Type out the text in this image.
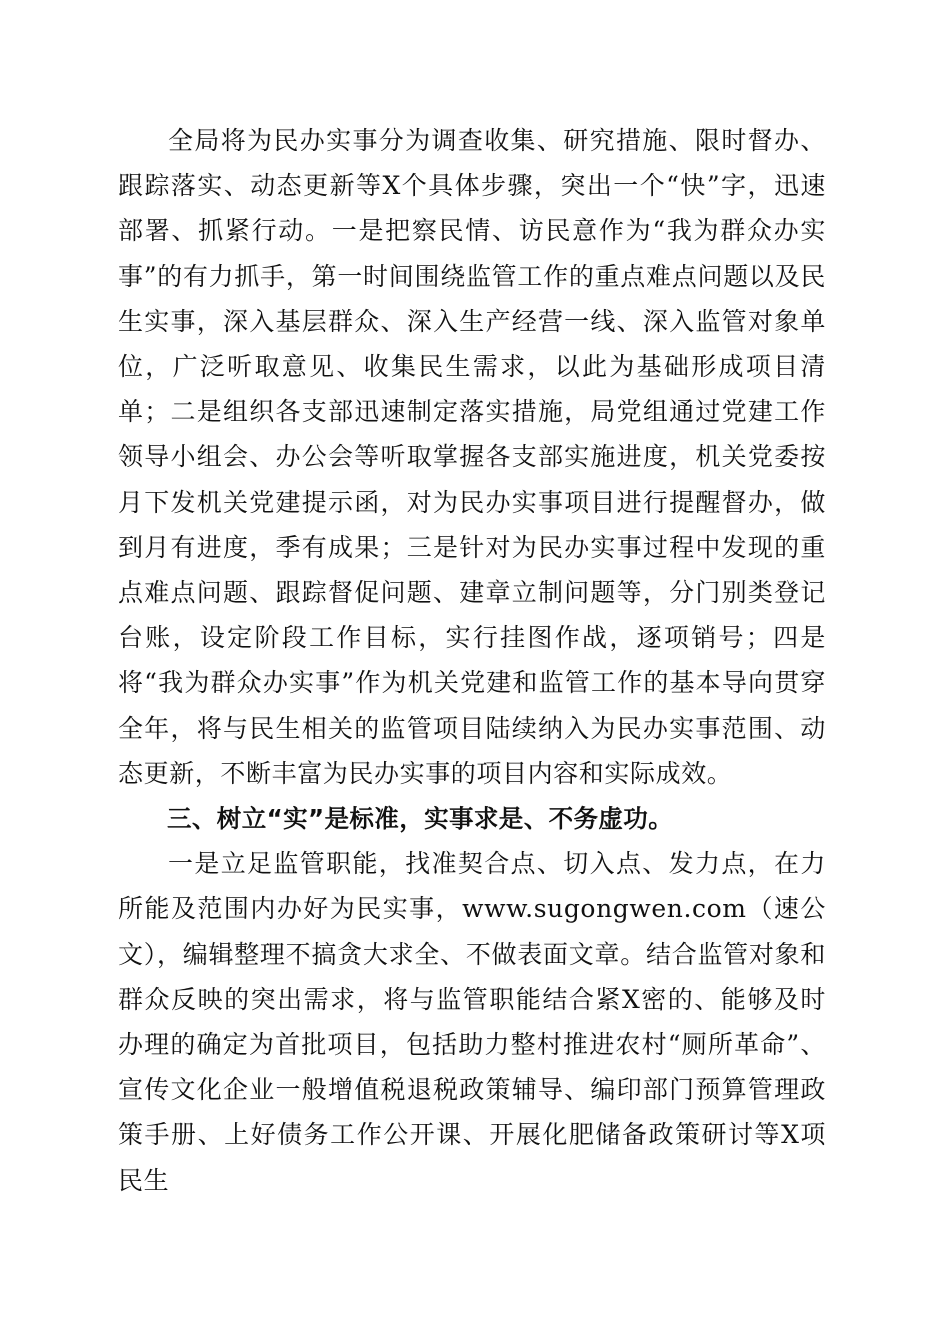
全局将为民办实事分为调查收集、研究措施、限时督办、跟踪落实、动态更新等X个具体步骤，突出一个“快”字，迅速部署、抓紧行动。一是把察民情、访民意作为“我为群众办实事”的有力抓手，第一时间围绕监管工作的重点难点问题以及民生实事，深入基层群众、深入生产经营一线、深入监管对象单位，广泛听取意见、收集民生需求，以此为基础形成项目清单；二是组织各支部迅速制定落实措施，局党组通过党建工作领导小组会、办公会等听取掌握各支部实施进度，机关党委按月下发机关党建提示函，对为民办实事项目进行提醒督办，做到月有进度，季有成果；三是针对为民办实事过程中发现的重点难点问题、跟踪督促问题、建章立制问题等，分门别类登记台账，设定阶段工作目标，实行挂图作战，逐项销号；四是将“我为群众办实事”作为机关党建和监管工作的基本导向贯穿全年，将与民生相关的监管项目陆续纳入为民办实事范围、动态更新，不断丰富为民办实事的项目内容和实际成效。

三、树立“实”是标准，实事求是、不务虚功。

一是立足监管职能，找准契合点、切入点、发力点，在力所能及范围内办好为民实事，www.sugongwen.com（速公文），编辑整理不搞贪大求全、不做表面文章。结合监管对象和群众反映的突出需求，将与监管职能结合紧X密的、能够及时办理的确定为首批项目，包括助力整村推进农村“厕所革命”、宣传文化企业一般增值税退税政策辅导、编印部门预算管理政策手册、上好债务工作公开课、开展化肥储备政策研讨等X项民生
